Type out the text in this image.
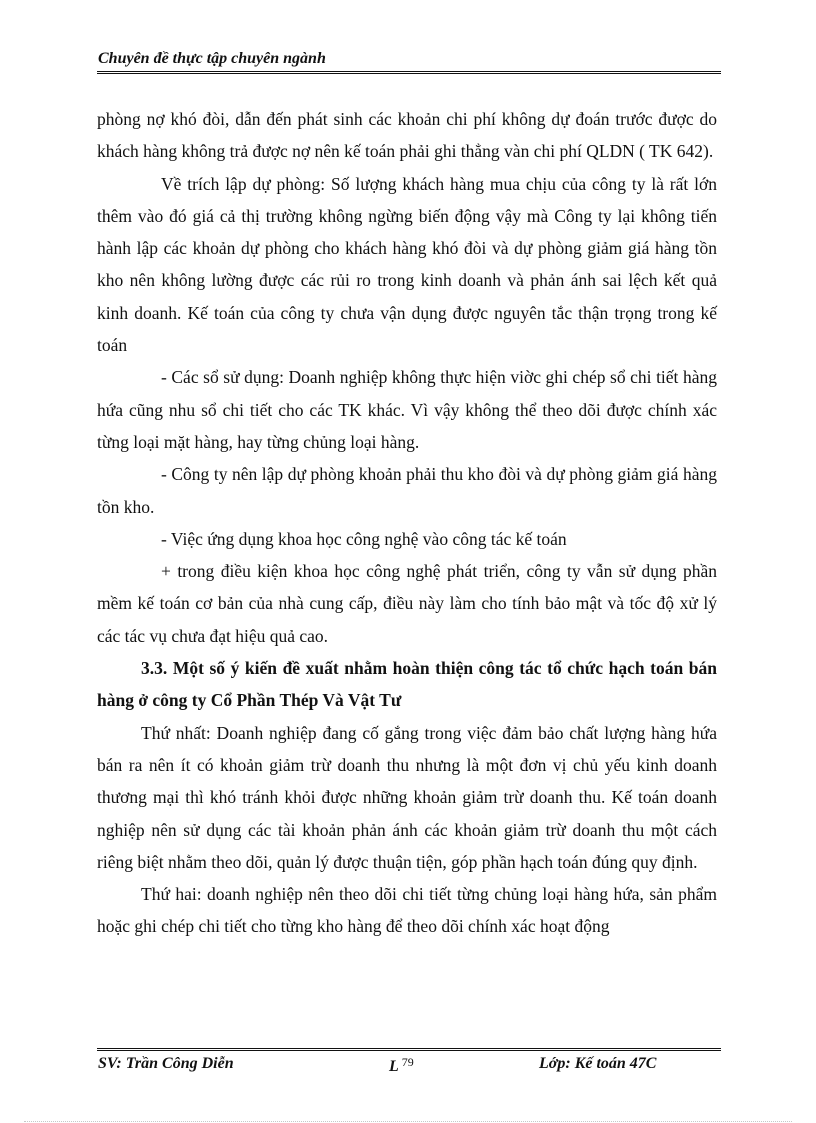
Chuyên đề thực tập chuyên ngành

phòng nợ khó đòi, dẫn đến phát sinh các khoản chi phí không dự đoán trước được do khách hàng không trả được nợ nên kế toán phải ghi thẳng vàn chi phí QLDN ( TK 642).

Về trích lập dự phòng: Số lượng khách hàng mua chịu của công ty là rất lớn thêm vào đó giá cả thị trường không ngừng biến động vậy mà Công ty lại không tiến hành lập các khoản dự phòng cho khách hàng khó đòi và dự phòng giảm giá hàng tồn kho nên không lường được các rủi ro trong kinh doanh và phản ánh sai lệch kết quả kinh doanh. Kế toán của công ty chưa vận dụng được nguyên tắc thận trọng trong kế toán

- Các sổ sử dụng: Doanh nghiệp không thực hiện viờc ghi chép sổ chi tiết hàng hứa cũng nhu sổ chi tiết cho các TK khác. Vì vậy không thể theo dõi được chính xác từng loại mặt hàng, hay từng chủng loại hàng.

- Công ty nên lập dự phòng khoản phải thu kho đòi và dự phòng giảm giá hàng tồn kho.

- Việc ứng dụng khoa học công nghệ vào công tác kế toán

+ trong điều kiện khoa học công nghệ phát triển, công ty vẫn sử dụng phần mềm kế toán cơ bản của nhà cung cấp, điều này làm cho tính bảo mật và tốc độ xử lý các tác vụ chưa đạt hiệu quả cao.

3.3. Một số ý kiến đề xuất nhằm hoàn thiện công tác tổ chức hạch toán bán hàng ở công ty Cổ Phần Thép Và Vật Tư

Thứ nhất: Doanh nghiệp đang cố gắng trong việc đảm bảo chất lượng hàng hứa bán ra nên ít có khoản giảm trừ doanh thu nhưng là một đơn vị chủ yếu kinh doanh thương mại thì khó tránh khỏi được những khoản giảm trừ doanh thu. Kế toán doanh nghiệp nên sử dụng các tài khoản phản ánh các khoản giảm trừ doanh thu một cách riêng biệt nhằm theo dõi, quản lý được thuận tiện, góp phần hạch toán đúng quy định.

Thứ hai: doanh nghiệp nên theo dõi chi tiết từng chủng loại hàng hứa, sản phẩm hoặc ghi chép chi tiết cho từng kho hàng để theo dõi chính xác hoạt động

SV: Trần Công Diễn	L $^{79}$	Lớp: Kế toán 47C
